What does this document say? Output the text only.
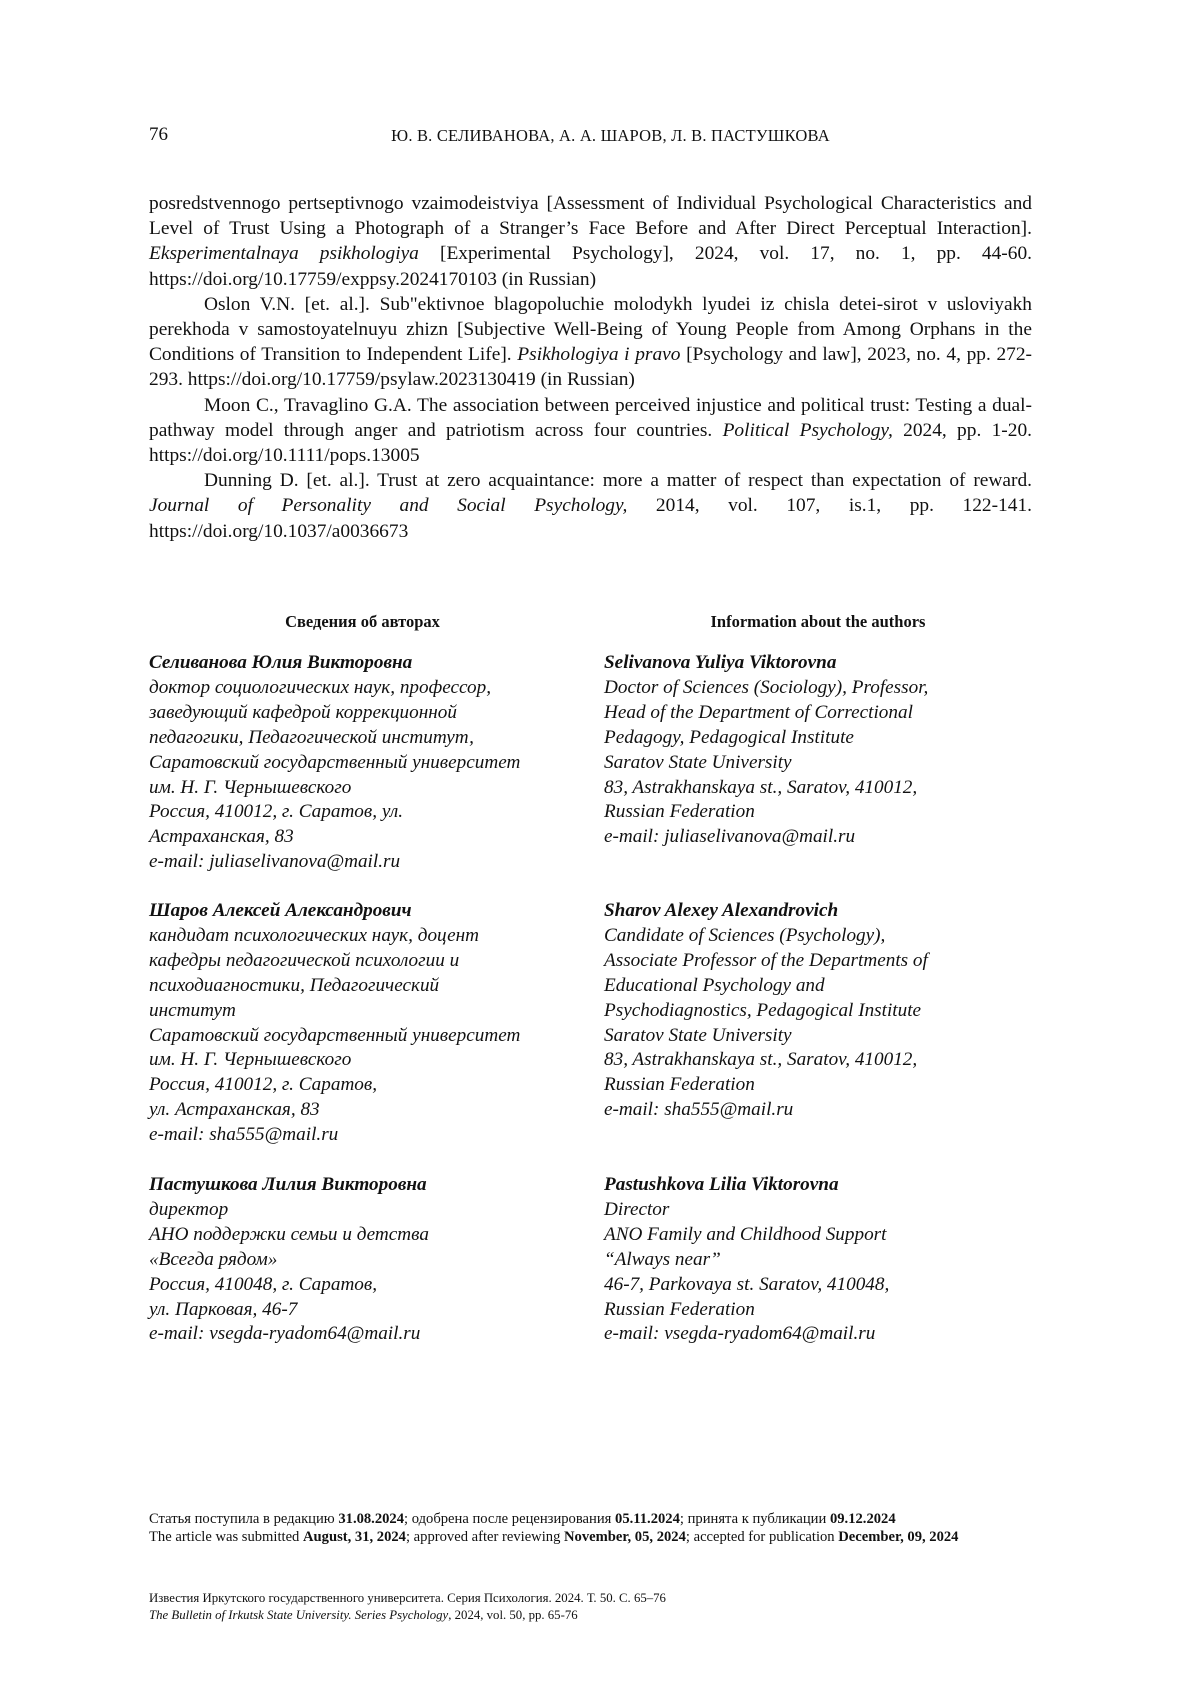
76	Ю. В. СЕЛИВАНОВА, А. А. ШАРОВ, Л. В. ПАСТУШКОВА

posredstvennogo pertseptivnogo vzaimodeistviya [Assessment of Individual Psychological Characteristics and Level of Trust Using a Photograph of a Stranger’s Face Before and After Direct Perceptual Interaction]. Eksperimentalnaya psikhologiya [Experimental Psychology], 2024, vol. 17, no. 1, pp. 44-60. https://doi.org/10.17759/exppsy.2024170103 (in Russian)

Oslon V.N. [et. al.]. Sub"ektivnoe blagopoluchie molodykh lyudei iz chisla detei-sirot v usloviyakh perekhoda v samostoyatelnuyu zhizn [Subjective Well-Being of Young People from Among Orphans in the Conditions of Transition to Independent Life]. Psikhologiya i pravo [Psychology and law], 2023, no. 4, pp. 272-293. https://doi.org/10.17759/psylaw.2023130419 (in Russian)

Moon C., Travaglino G.A. The association between perceived injustice and political trust: Testing a dual-pathway model through anger and patriotism across four countries. Political Psychology, 2024, pp. 1-20. https://doi.org/10.1111/pops.13005

Dunning D. [et. al.]. Trust at zero acquaintance: more a matter of respect than expectation of reward. Journal of Personality and Social Psychology, 2014, vol. 107, is.1, pp. 122-141. https://doi.org/10.1037/a0036673

Сведения об авторах	Information about the authors
Селиванова Юлия Викторовна
доктор социологических наук, профессор,
заведующий кафедрой коррекционной
педагогики, Педагогической институт,
Саратовский государственный университет
им. Н. Г. Чернышевского
Россия, 410012, г. Саратов, ул.
Астраханская, 83
e-mail: juliaselivanova@mail.ru
Шаров Алексей Александрович
кандидат психологических наук, доцент
кафедры педагогической психологии и
психодиагностики, Педагогический
институт
Саратовский государственный университет
им. Н. Г. Чернышевского
Россия, 410012, г. Саратов,
ул. Астраханская, 83
e-mail: sha555@mail.ru
Пастушкова Лилия Викторовна
директор
АНО поддержки семьи и детства
«Всегда рядом»
Россия, 410048, г. Саратов,
ул. Парковая, 46-7
e-mail: vsegda-ryadom64@mail.ru
Selivanova Yuliya Viktorovna
Doctor of Sciences (Sociology), Professor,
Head of the Department of Correctional
Pedagogy, Pedagogical Institute
Saratov State University
83, Astrakhanskaya st., Saratov, 410012,
Russian Federation
e-mail: juliaselivanova@mail.ru
Sharov Alexey Alexandrovich
Candidate of Sciences (Psychology),
Associate Professor of the Departments of
Educational Psychology and
Psychodiagnostics, Pedagogical Institute
Saratov State University
83, Astrakhanskaya st., Saratov, 410012,
Russian Federation
e-mail: sha555@mail.ru
Pastushkova Lilia Viktorovna
Director
ANO Family and Childhood Support
“Always near”
46-7, Parkovaya st. Saratov, 410048,
Russian Federation
e-mail: vsegda-ryadom64@mail.ru

Статья поступила в редакцию 31.08.2024; одобрена после рецензирования 05.11.2024; принята к публикации 09.12.2024

The article was submitted August, 31, 2024; approved after reviewing November, 05, 2024; accepted for publication December, 09, 2024

Известия Иркутского государственного университета. Серия Психология. 2024. Т. 50. С. 65–76

The Bulletin of Irkutsk State University. Series Psychology, 2024, vol. 50, pp. 65-76
